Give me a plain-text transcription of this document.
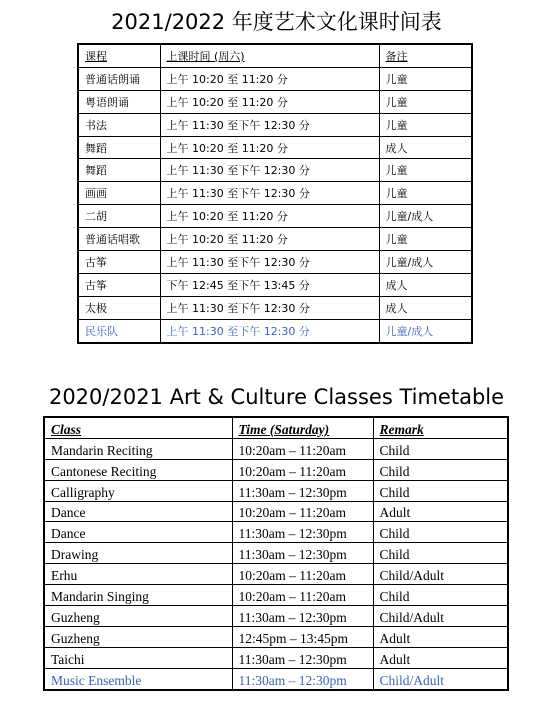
2021/2022 年度艺术文化课时间表
课程	上课时间 (周六)	备注
普通话朗诵	上午 10:20 至 11:20 分	儿童
粤语朗诵	上午 10:20 至 11:20 分	儿童
书法	上午 11:30 至下午 12:30 分	儿童
舞蹈	上午 10:20 至 11:20 分	成人
舞蹈	上午 11:30 至下午 12:30 分	儿童
画画	上午 11:30 至下午 12:30 分	儿童
二胡	上午 10:20 至 11:20 分	儿童/成人
普通话唱歌	上午 10:20 至 11:20 分	儿童
古筝	上午 11:30 至下午 12:30 分	儿童/成人
古筝	下午 12:45 至下午 13:45 分	成人
太极	上午 11:30 至下午 12:30 分	成人
民乐队	上午 11:30 至下午 12:30 分	儿童/成人
2020/2021 Art & Culture Classes Timetable
Class	Time (Saturday)	Remark
Mandarin Reciting	10:20am – 11:20am	Child
Cantonese Reciting	10:20am – 11:20am	Child
Calligraphy	11:30am – 12:30pm	Child
Dance	10:20am – 11:20am	Adult
Dance	11:30am – 12:30pm	Child
Drawing	11:30am – 12:30pm	Child
Erhu	10:20am – 11:20am	Child/Adult
Mandarin Singing	10:20am – 11:20am	Child
Guzheng	11:30am – 12:30pm	Child/Adult
Guzheng	12:45pm – 13:45pm	Adult
Taichi	11:30am – 12:30pm	Adult
Music Ensemble	11:30am – 12:30pm	Child/Adult
